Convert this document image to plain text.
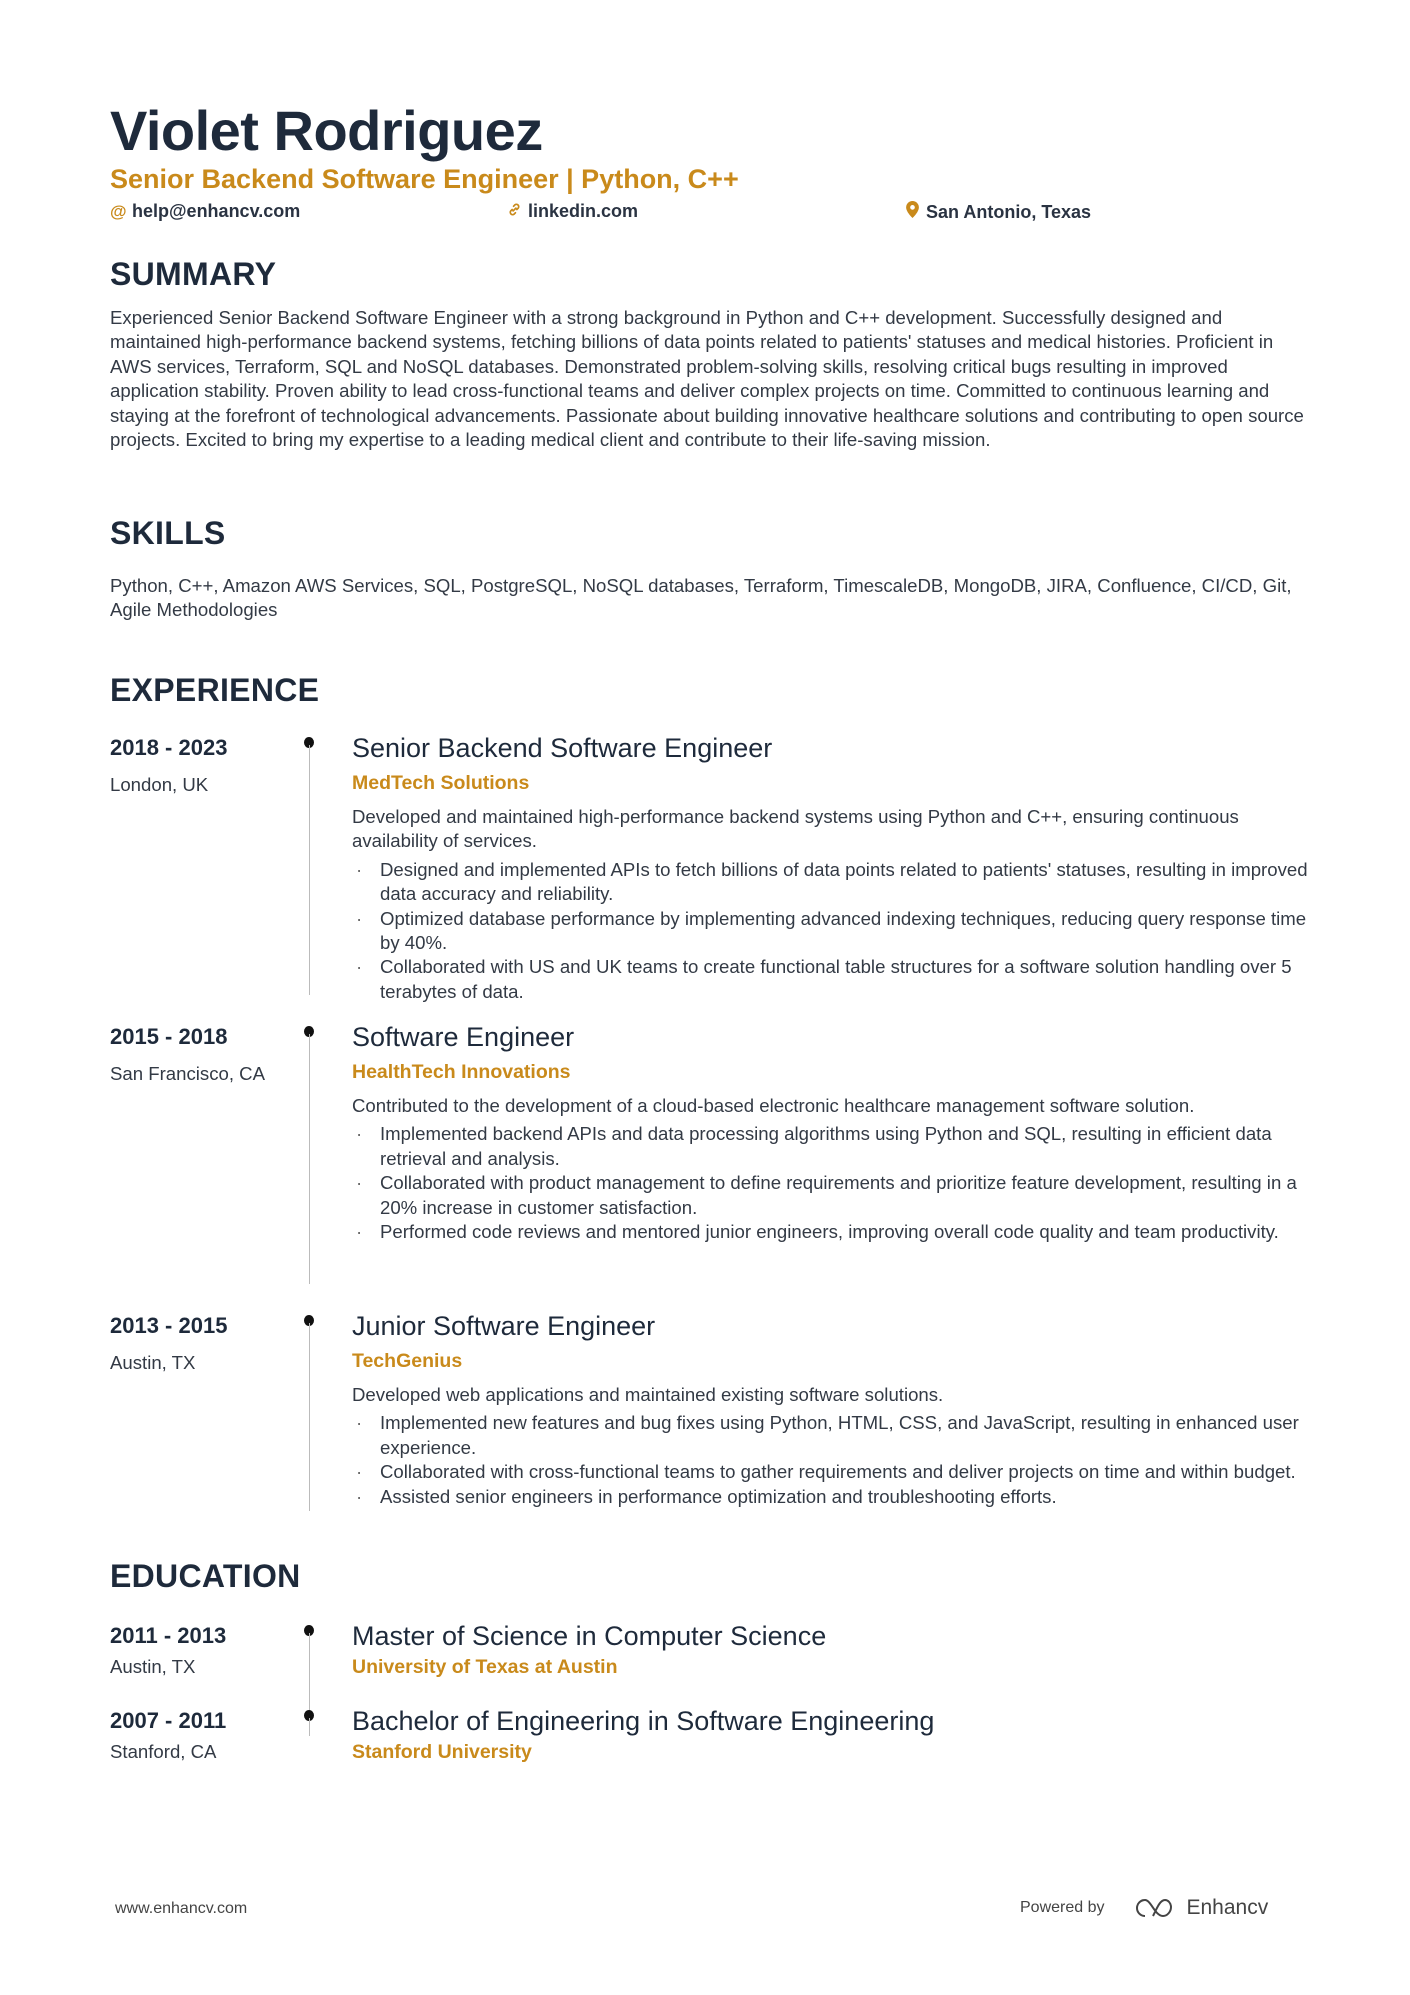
Violet Rodriguez
Senior Backend Software Engineer | Python, C++
@ help@enhancv.com	linkedin.com	San Antonio, Texas
SUMMARY
Experienced Senior Backend Software Engineer with a strong background in Python and C++ development. Successfully designed and maintained high-performance backend systems, fetching billions of data points related to patients' statuses and medical histories. Proficient in AWS services, Terraform, SQL and NoSQL databases. Demonstrated problem-solving skills, resolving critical bugs resulting in improved application stability. Proven ability to lead cross-functional teams and deliver complex projects on time. Committed to continuous learning and staying at the forefront of technological advancements. Passionate about building innovative healthcare solutions and contributing to open source projects. Excited to bring my expertise to a leading medical client and contribute to their life-saving mission.
SKILLS
Python, C++, Amazon AWS Services, SQL, PostgreSQL, NoSQL databases, Terraform, TimescaleDB, MongoDB, JIRA, Confluence, CI/CD, Git, Agile Methodologies
EXPERIENCE
2018 - 2023
London, UK
Senior Backend Software Engineer
MedTech Solutions
Developed and maintained high-performance backend systems using Python and C++, ensuring continuous availability of services.
· Designed and implemented APIs to fetch billions of data points related to patients' statuses, resulting in improved data accuracy and reliability.
· Optimized database performance by implementing advanced indexing techniques, reducing query response time by 40%.
· Collaborated with US and UK teams to create functional table structures for a software solution handling over 5 terabytes of data.
2015 - 2018
San Francisco, CA
Software Engineer
HealthTech Innovations
Contributed to the development of a cloud-based electronic healthcare management software solution.
· Implemented backend APIs and data processing algorithms using Python and SQL, resulting in efficient data retrieval and analysis.
· Collaborated with product management to define requirements and prioritize feature development, resulting in a 20% increase in customer satisfaction.
· Performed code reviews and mentored junior engineers, improving overall code quality and team productivity.
2013 - 2015
Austin, TX
Junior Software Engineer
TechGenius
Developed web applications and maintained existing software solutions.
· Implemented new features and bug fixes using Python, HTML, CSS, and JavaScript, resulting in enhanced user experience.
· Collaborated with cross-functional teams to gather requirements and deliver projects on time and within budget.
· Assisted senior engineers in performance optimization and troubleshooting efforts.
EDUCATION
2011 - 2013
Austin, TX
Master of Science in Computer Science
University of Texas at Austin
2007 - 2011
Stanford, CA
Bachelor of Engineering in Software Engineering
Stanford University
www.enhancv.com	Powered by	Enhancv
